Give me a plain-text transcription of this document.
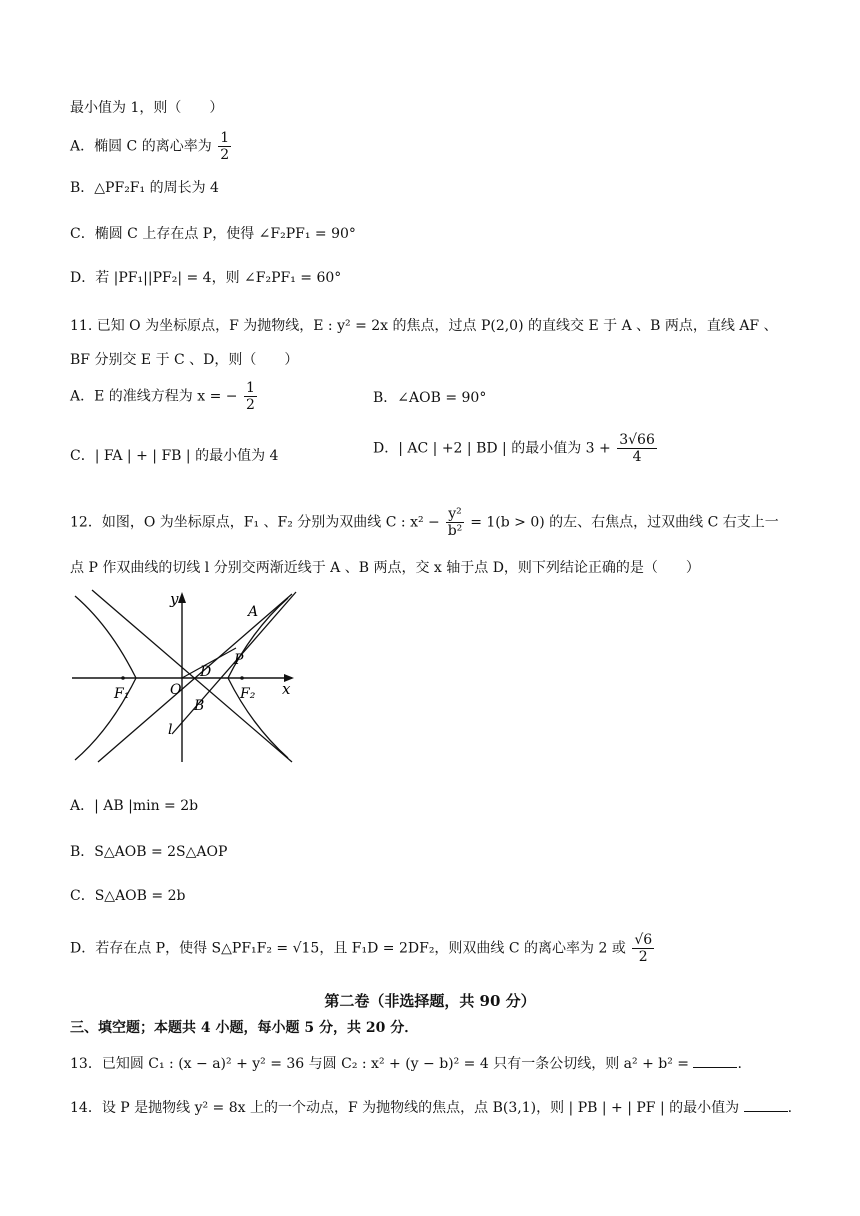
最小值为 1，则（　　）
A．椭圆 C 的离心率为 $\frac{1}{2}$
B．△PF₂F₁ 的周长为 4
C．椭圆 C 上存在点 P，使得 ∠F₂PF₁ = 90°
D．若 |PF₁||PF₂| = 4，则 ∠F₂PF₁ = 60°
11. 已知 O 为坐标原点，F 为抛物线，E : y² = 2x 的焦点，过点 P(2,0) 的直线交 E 于 A 、B 两点，直线 AF 、
BF 分别交 E 于 C 、D，则（　　）
A．E 的准线方程为 x = − $\frac{1}{2}$	B．∠AOB = 90°
C．| FA | + | FB | 的最小值为 4	D．| AC | +2 | BD | 的最小值为 $3 + \frac{3√66}{4}$
12．如图，O 为坐标原点，F₁ 、F₂ 分别为双曲线 C : $x^2 - \frac{\text{y²}}{\text{b²}} = 1(b > 0)$ 的左、右焦点，过双曲线 C 右支上一
点 P 作双曲线的切线 l 分别交两渐近线于 A 、B 两点，交 x 轴于点 D，则下列结论正确的是（　　）
y
x
A
P
D
O
B
F₁	F₂
l
A．| AB |min = 2b
B．S△AOB = 2S△AOP
C．S△AOB = 2b
D．若存在点 P，使得 S△PF₁F₂ = √15，且 F₁D = 2DF₂，则双曲线 C 的离心率为 2 或 $\frac{√6}{2}$
第二卷（非选择题，共 90 分）
三、填空题；本题共 4 小题，每小题 5 分，共 20 分．
13．已知圆 C₁ : (x − a)² + y² = 36 与圆 C₂ : x² + (y − b)² = 4 只有一条公切线，则 a² + b² =	.
14．设 P 是抛物线 y² = 8x 上的一个动点，F 为抛物线的焦点，点 B(3,1)，则 | PB | + | PF | 的最小值为	.
